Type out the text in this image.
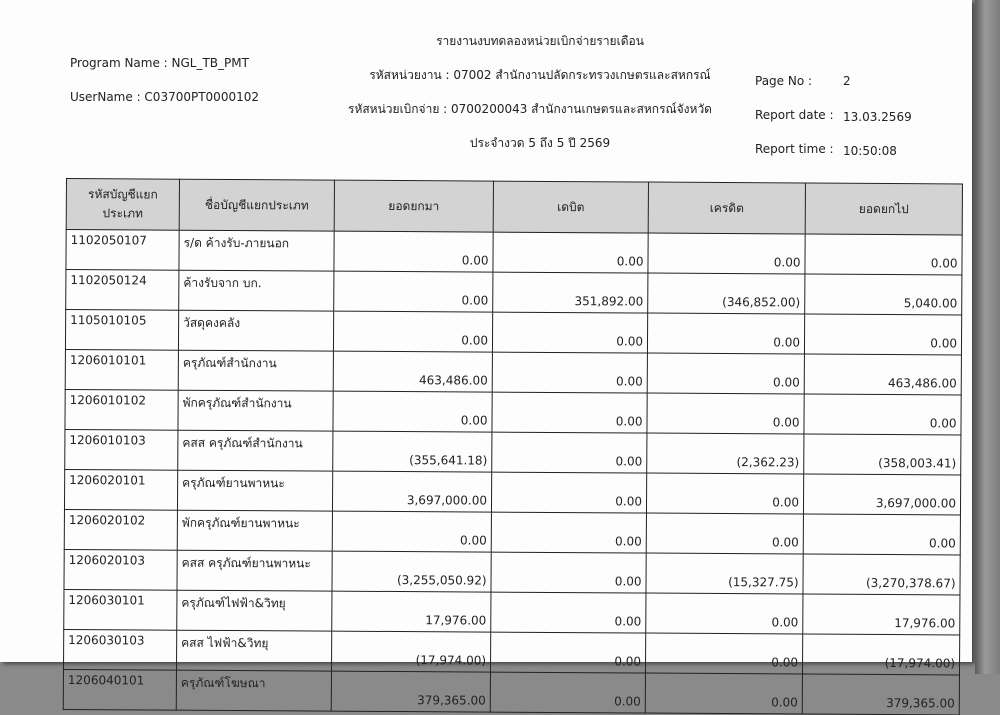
รายงานงบทดลองหน่วยเบิกจ่ายรายเดือน
รหัสหน่วยงาน : 07002 สำนักงานปลัดกระทรวงเกษตรและสหกรณ์
รหัสหน่วยเบิกจ่าย : 0700200043 สำนักงานเกษตรและสหกรณ์จังหวัด
ประจำงวด 5 ถึง 5 ปี 2569
Program Name : NGL_TB_PMT
UserName : C03700PT0000102
Page No :	2
Report date : 13.03.2569
Report time : 10:50:08
รหัสบัญชีแยกประเภท	ชื่อบัญชีแยกประเภท	ยอดยกมา	เดบิต	เครดิต	ยอดยกไป
1102050107	ร/ด ค้างรับ-ภายนอก	0.00	0.00	0.00	0.00
1102050124	ค้างรับจาก บก.	0.00	351,892.00	(346,852.00)	5,040.00
1105010105	วัสดุคงคลัง	0.00	0.00	0.00	0.00
1206010101	ครุภัณฑ์สำนักงาน	463,486.00	0.00	0.00	463,486.00
1206010102	พักครุภัณฑ์สำนักงาน	0.00	0.00	0.00	0.00
1206010103	คสส ครุภัณฑ์สำนักงาน	(355,641.18)	0.00	(2,362.23)	(358,003.41)
1206020101	ครุภัณฑ์ยานพาหนะ	3,697,000.00	0.00	0.00	3,697,000.00
1206020102	พักครุภัณฑ์ยานพาหนะ	0.00	0.00	0.00	0.00
1206020103	คสส ครุภัณฑ์ยานพาหนะ	(3,255,050.92)	0.00	(15,327.75)	(3,270,378.67)
1206030101	ครุภัณฑ์ไฟฟ้า&วิทยุ	17,976.00	0.00	0.00	17,976.00
1206030103	คสส ไฟฟ้า&วิทยุ	(17,974.00)	0.00	0.00	(17,974.00)
1206040101	ครุภัณฑ์โฆษณา	379,365.00	0.00	0.00	379,365.00
